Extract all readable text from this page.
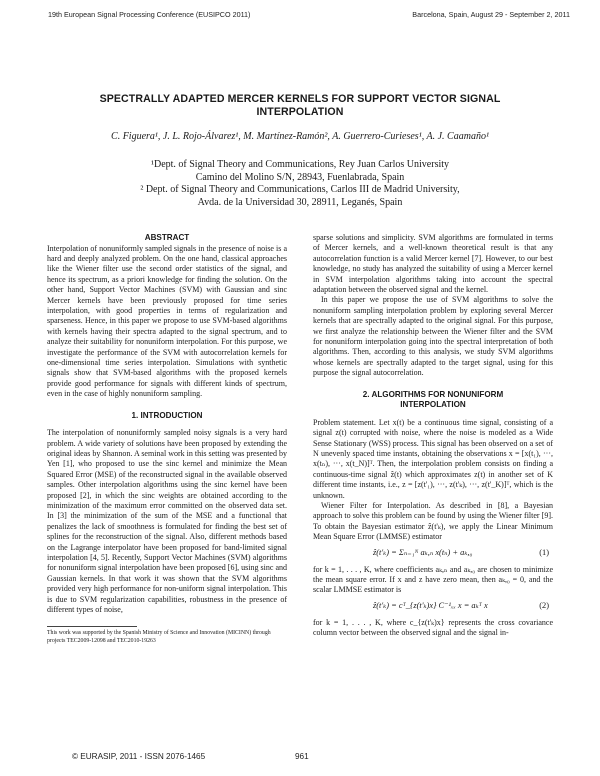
19th European Signal Processing Conference (EUSIPCO 2011)	Barcelona, Spain, August 29 - September 2, 2011
SPECTRALLY ADAPTED MERCER KERNELS FOR SUPPORT VECTOR SIGNAL
INTERPOLATION
C. Figuera¹, J. L. Rojo-Álvarez¹, M. Martínez-Ramón², A. Guerrero-Curieses¹, A. J. Caamaño¹
¹Dept. of Signal Theory and Communications, Rey Juan Carlos University
Camino del Molino S/N, 28943, Fuenlabrada, Spain
² Dept. of Signal Theory and Communications, Carlos III de Madrid University,
Avda. de la Universidad 30, 28911, Leganés, Spain
ABSTRACT

Interpolation of nonuniformly sampled signals in the presence of noise is a hard and deeply analyzed problem. On the one hand, classical approaches like the Wiener filter use the second order statistics of the signal, and hence its spectrum, as a priori knowledge for finding the solution. On the other hand, Support Vector Machines (SVM) with Gaussian and sinc Mercer kernels have been previously proposed for time series interpolation, with good properties in terms of regularization and sparseness. Hence, in this paper we propose to use SVM-based algorithms with kernels having their spectra adapted to the signal spectrum, and to analyze their suitability for nonuniform interpolation. For this purpose, we investigate the performance of the SVM with autocorrelation kernels for one-dimensional time series interpolation. Simulations with synthetic signals show that SVM-based algorithms with the proposed kernels provide good performance for signals with different kinds of spectrum, even in the case of highly nonuniform sampling.

1. INTRODUCTION

The interpolation of nonuniformly sampled noisy signals is a very hard problem. A wide variety of solutions have been proposed by extending the original ideas by Shannon. A seminal work in this setting was presented by Yen [1], who proposed to use the sinc kernel and minimize the Mean Squared Error (MSE) of the reconstructed signal in the available observed samples. Other interpolation algorithms using the sinc kernel have been proposed [2], in which the sinc weights are obtained according to the minimization of the maximum error committed on the observed data set. In [3] the minimization of the sum of the MSE and a functional that penalizes the lack of smoothness is formulated for finding the best set of splines for the reconstruction of the signal. Also, different methods based on the Lagrange interpolator have been proposed for band-limited signal interpolation [4, 5]. Recently, Support Vector Machines (SVM) algorithms for nonuniform signal interpolation have been proposed [6], using sinc and Gaussian kernels. In that work it was shown that the SVM algorithms provided very high performance for non-uniform signal interpolation. This is due to SVM regularization capabilities, robustness in the presence of different types of noise,

This work was supported by the Spanish Ministry of Science and Innovation (MICINN) through projects TEC2009-12098 and TEC2010-19263

sparse solutions and simplicity. SVM algorithms are formulated in terms of Mercer kernels, and a well-known theoretical result is that any autocorrelation function is a valid Mercer kernel [7]. However, to our best knowledge, no study has analyzed the suitability of using a Mercer kernel in SVM interpolation algorithms taking into account the spectral adaptation between the observed signal and the kernel.

In this paper we propose the use of SVM algorithms to solve the nonuniform sampling interpolation problem by exploring several Mercer kernels that are spectrally adapted to the original signal. For this purpose, we first analyze the relationship between the Wiener filter and the SVM for nonuniform interpolation going into the spectral interpretation of both algorithms. Then, according to this analysis, we study SVM algorithms whose kernels are spectrally adapted to the target signal, using for this purpose the signal autocorrelation.

2. ALGORITHMS FOR NONUNIFORM
INTERPOLATION

Problem statement. Let x(t) be a continuous time signal, consisting of a signal z(t) corrupted with noise, where the noise is modeled as a Wide Sense Stationary (WSS) process. This signal has been observed on a set of N unevenly spaced time instants, obtaining the observations x = [x(t₁), ···, x(tₙ), ···, x(t_N)]ᵀ. Then, the interpolation problem consists on finding a continuous-time signal ẑ(t) which approximates z(t) in another set of K different time instants, i.e., z = [z(t'₁), ···, z(t'ₖ), ···, z(t'_K)]ᵀ, which is the unknown.

Wiener Filter for Interpolation. As described in [8], a Bayesian approach to solve this problem can be found by using the Wiener filter [9]. To obtain the Bayesian estimator ẑ(t'ₖ), we apply the Linear Minimum Mean Square Error (LMMSE) estimator

ẑ(t'ₖ) = Σₙ₌₁ᴺ aₖ,ₙ x(tₙ) + aₖ,₀	(1)

for k = 1, . . . , K, where coefficients aₖ,ₙ and aₖ,₀ are chosen to minimize the mean square error. If x and z have zero mean, then aₖ,₀ = 0, and the scalar LMMSE estimator is

ẑ(t'ₖ) = cᵀ_{z(t'ₖ)x} C⁻¹ₓₓ x = aₖᵀ x	(2)

for k = 1, . . . , K, where c_{z(t'ₖ)x} represents the cross covariance column vector between the observed signal and the signal in-

© EURASIP, 2011 - ISSN 2076-1465	961
